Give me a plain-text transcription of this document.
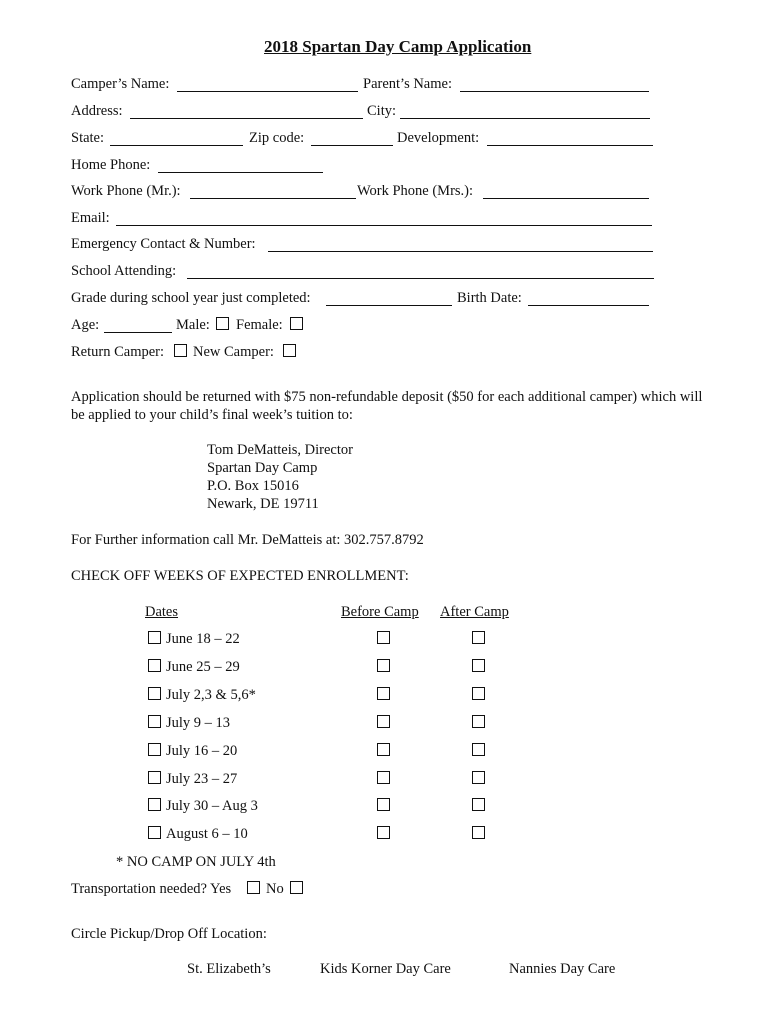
2018 Spartan Day Camp Application
Camper’s Name:	Parent’s Name:
Address:	City:
State:	Zip code:	Development:
Home Phone:
Work Phone (Mr.):	Work Phone (Mrs.):
Email:
Emergency Contact & Number:
School Attending:
Grade during school year just completed:	Birth Date:
Age:	Male: Female:
Return Camper: New Camper:
Application should be returned with $75 non-refundable deposit ($50 for each additional camper) which will
be applied to your child’s final week’s tuition to:
Tom DeMatteis, Director
Spartan Day Camp
P.O. Box 15016
Newark, DE 19711
For Further information call Mr. DeMatteis at: 302.757.8792
CHECK OFF WEEKS OF EXPECTED ENROLLMENT:
Dates	Before Camp After Camp
June 18 – 22
June 25 – 29
July 2,3 & 5,6*
July 9 – 13
July 16 – 20
July 23 – 27
July 30 – Aug 3
August 6 – 10
* NO CAMP ON JULY 4th
Transportation needed? Yes No
Circle Pickup/Drop Off Location:
St. Elizabeth’s	Kids Korner Day Care	Nannies Day Care
